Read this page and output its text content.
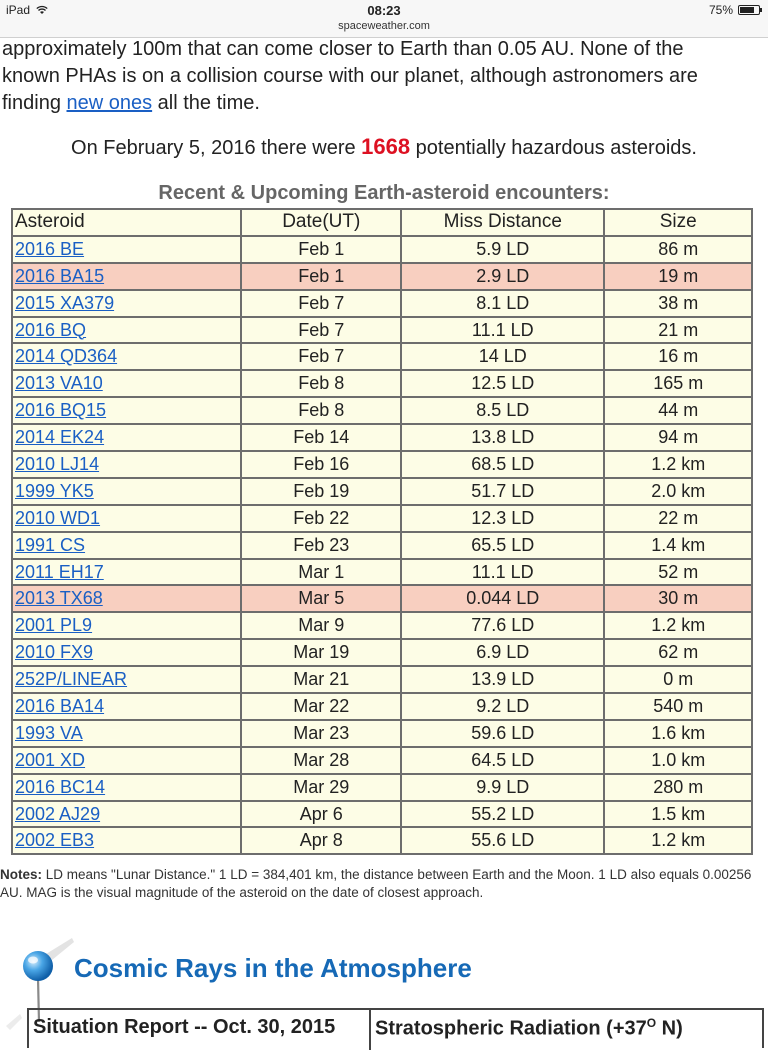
iPad	08:23	75%
spaceweather.com
approximately 100m that can come closer to Earth than 0.05 AU. None of the
known PHAs is on a collision course with our planet, although astronomers are
finding new ones all the time.
On February 5, 2016 there were 1668 potentially hazardous asteroids.
Recent & Upcoming Earth-asteroid encounters:
Asteroid	Date(UT)	Miss Distance	Size
2016 BE	Feb 1	5.9 LD	86 m
2016 BA15	Feb 1	2.9 LD	19 m
2015 XA379	Feb 7	8.1 LD	38 m
2016 BQ	Feb 7	11.1 LD	21 m
2014 QD364	Feb 7	14 LD	16 m
2013 VA10	Feb 8	12.5 LD	165 m
2016 BQ15	Feb 8	8.5 LD	44 m
2014 EK24	Feb 14	13.8 LD	94 m
2010 LJ14	Feb 16	68.5 LD	1.2 km
1999 YK5	Feb 19	51.7 LD	2.0 km
2010 WD1	Feb 22	12.3 LD	22 m
1991 CS	Feb 23	65.5 LD	1.4 km
2011 EH17	Mar 1	11.1 LD	52 m
2013 TX68	Mar 5	0.044 LD	30 m
2001 PL9	Mar 9	77.6 LD	1.2 km
2010 FX9	Mar 19	6.9 LD	62 m
252P/LINEAR	Mar 21	13.9 LD	0 m
2016 BA14	Mar 22	9.2 LD	540 m
1993 VA	Mar 23	59.6 LD	1.6 km
2001 XD	Mar 28	64.5 LD	1.0 km
2016 BC14	Mar 29	9.9 LD	280 m
2002 AJ29	Apr 6	55.2 LD	1.5 km
2002 EB3	Apr 8	55.6 LD	1.2 km
Notes: LD means "Lunar Distance." 1 LD = 384,401 km, the distance between Earth and the Moon. 1 LD also equals 0.00256 AU. MAG is the visual magnitude of the asteroid on the date of closest approach.
Cosmic Rays in the Atmosphere
Situation Report -- Oct. 30, 2015 Stratospheric Radiation ($+37^O$ N)
